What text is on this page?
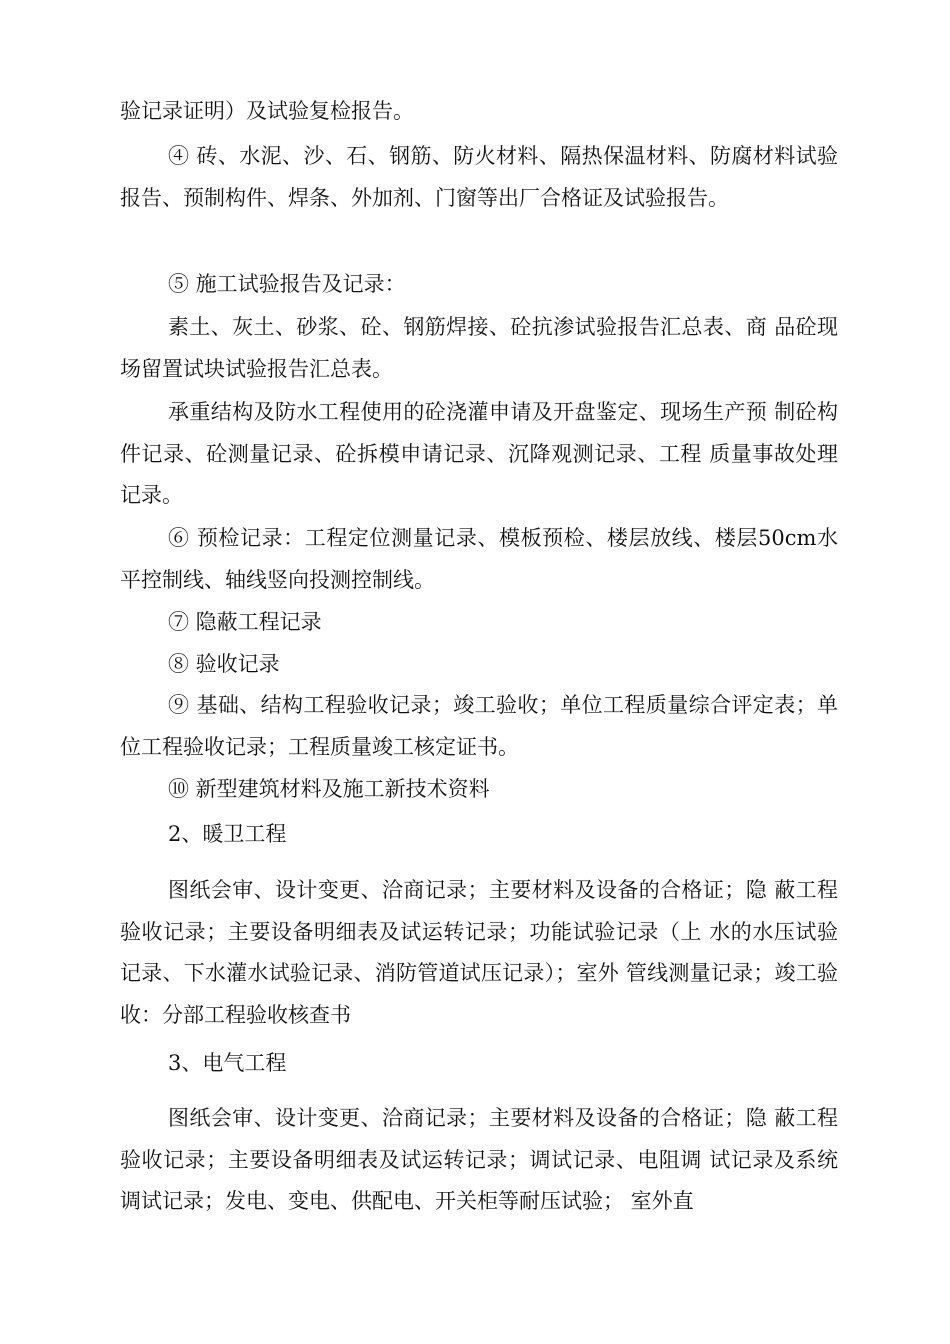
验记录证明）及试验复检报告。

④ 砖、水泥、沙、石、钢筋、防火材料、隔热保温材料、防腐材料试验报告、预制构件、焊条、外加剂、门窗等出厂合格证及试验报告。

⑤ 施工试验报告及记录：

素土、灰土、砂浆、砼、钢筋焊接、砼抗渗试验报告汇总表、商 品砼现场留置试块试验报告汇总表。

承重结构及防水工程使用的砼浇灌申请及开盘鉴定、现场生产预 制砼构件记录、砼测量记录、砼拆模申请记录、沉降观测记录、工程 质量事故处理记录。

⑥ 预检记录：工程定位测量记录、模板预检、楼层放线、楼层50cm水平控制线、轴线竖向投测控制线。

⑦ 隐蔽工程记录

⑧ 验收记录

⑨ 基础、结构工程验收记录；竣工验收；单位工程质量综合评定表；单位工程验收记录；工程质量竣工核定证书。

⑩ 新型建筑材料及施工新技术资料

2、暖卫工程

图纸会审、设计变更、洽商记录；主要材料及设备的合格证；隐 蔽工程验收记录；主要设备明细表及试运转记录；功能试验记录（上 水的水压试验记录、下水灌水试验记录、消防管道试压记录）；室外 管线测量记录；竣工验收：分部工程验收核查书

3、电气工程

图纸会审、设计变更、洽商记录；主要材料及设备的合格证；隐 蔽工程验收记录；主要设备明细表及试运转记录；调试记录、电阻调 试记录及系统调试记录；发电、变电、供配电、开关柜等耐压试验； 室外直
